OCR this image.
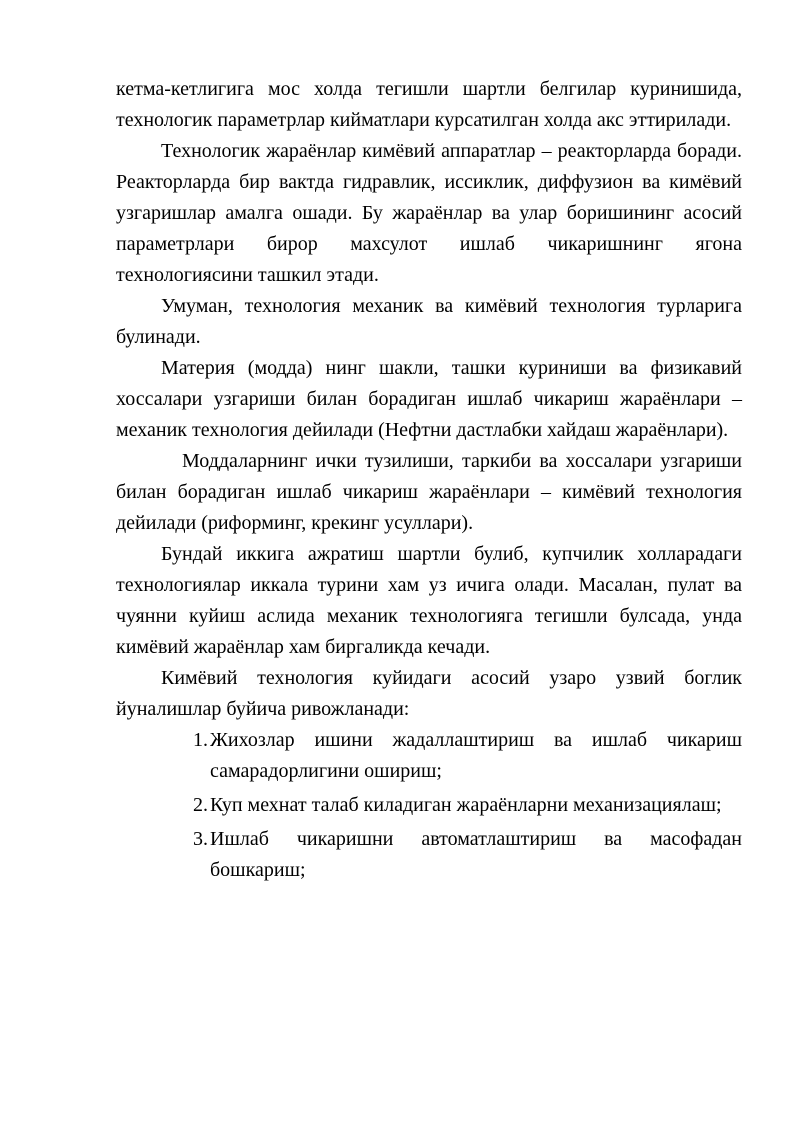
кетма-кетлигига мос холда тегишли шартли белгилар куринишида, технологик параметрлар кийматлари курсатилган холда акс эттирилади.

Технологик жараёнлар кимёвий аппаратлар – реакторларда боради. Реакторларда бир вактда гидравлик, иссиклик, диффузион ва кимёвий узгаришлар амалга ошади. Бу жараёнлар ва улар боришининг асосий параметрлари бирор махсулот ишлаб чикаришнинг ягона технологиясини ташкил этади.

Умуман, технология механик ва кимёвий технология турларига булинади.

Материя (модда) нинг шакли, ташки куриниши ва физикавий хоссалари узгариши билан борадиган ишлаб чикариш жараёнлари – механик технология дейилади (Нефтни дастлабки хайдаш жараёнлари).

Моддаларнинг ички тузилиши, таркиби ва хоссалари узгариши билан борадиган ишлаб чикариш жараёнлари – кимёвий технология дейилади (риформинг, крекинг усуллари).

Бундай иккига ажратиш шартли булиб, купчилик холларадаги технологиялар иккала турини хам уз ичига олади. Масалан, пулат ва чуянни куйиш аслида механик технологияга тегишли булсада, унда кимёвий жараёнлар хам биргаликда кечади.

Кимёвий технология куйидаги асосий узаро узвий боглик йуналишлар буйича ривожланади:

1. Жихозлар ишини жадаллаштириш ва ишлаб чикариш самарадорлигини ошириш;
2. Куп мехнат талаб киладиган жараёнларни механизациялаш;
3. Ишлаб чикаришни автоматлаштириш ва масофадан бошкариш;
